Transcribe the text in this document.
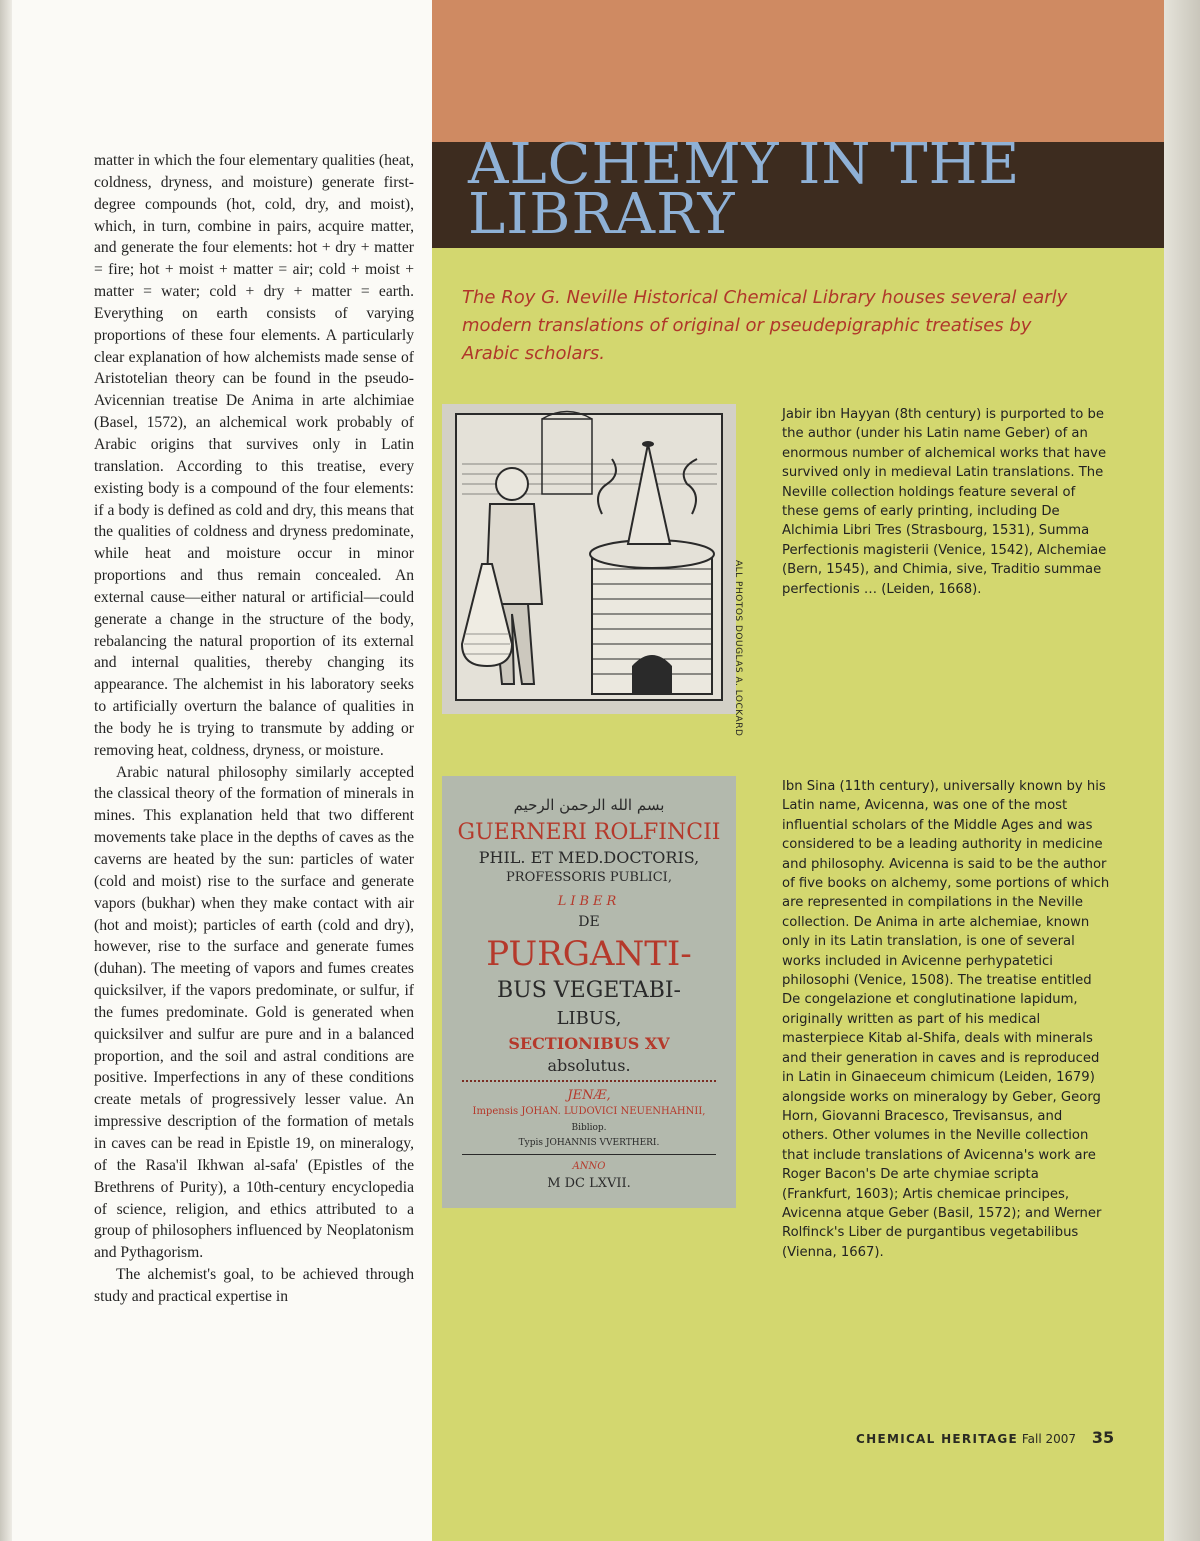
matter in which the four elementary qualities (heat, coldness, dryness, and moisture) generate first-degree compounds (hot, cold, dry, and moist), which, in turn, combine in pairs, acquire matter, and generate the four elements: hot + dry + matter = fire; hot + moist + matter = air; cold + moist + matter = water; cold + dry + matter = earth. Everything on earth consists of varying proportions of these four elements. A particularly clear explanation of how alchemists made sense of Aristotelian theory can be found in the pseudo-Avicennian treatise De Anima in arte alchimiae (Basel, 1572), an alchemical work probably of Arabic origins that survives only in Latin translation. According to this treatise, every existing body is a compound of the four elements: if a body is defined as cold and dry, this means that the qualities of coldness and dryness predominate, while heat and moisture occur in minor proportions and thus remain concealed. An external cause—either natural or artificial—could generate a change in the structure of the body, rebalancing the natural proportion of its external and internal qualities, thereby changing its appearance. The alchemist in his laboratory seeks to artificially overturn the balance of qualities in the body he is trying to transmute by adding or removing heat, coldness, dryness, or moisture.

Arabic natural philosophy similarly accepted the classical theory of the formation of minerals in mines. This explanation held that two different movements take place in the depths of caves as the caverns are heated by the sun: particles of water (cold and moist) rise to the surface and generate vapors (bukhar) when they make contact with air (hot and moist); particles of earth (cold and dry), however, rise to the surface and generate fumes (duhan). The meeting of vapors and fumes creates quicksilver, if the vapors predominate, or sulfur, if the fumes predominate. Gold is generated when quicksilver and sulfur are pure and in a balanced proportion, and the soil and astral conditions are positive. Imperfections in any of these conditions create metals of progressively lesser value. An impressive description of the formation of metals in caves can be read in Epistle 19, on mineralogy, of the Rasa'il Ikhwan al-safa' (Epistles of the Brethrens of Purity), a 10th-century encyclopedia of science, religion, and ethics attributed to a group of philosophers influenced by Neoplatonism and Pythagorism.

The alchemist's goal, to be achieved through study and practical expertise in

ALCHEMY IN THE
LIBRARY

The Roy G. Neville Historical Chemical Library houses several early modern translations of original or pseudepigraphic treatises by Arabic scholars.

ALL PHOTOS DOUGLAS A. LOCKARD

Jabir ibn Hayyan (8th century) is purported to be the author (under his Latin name Geber) of an enormous number of alchemical works that have survived only in medieval Latin translations. The Neville collection holdings feature several of these gems of early printing, including De Alchimia Libri Tres (Strasbourg, 1531), Summa Perfectionis magisterii (Venice, 1542), Alchemiae (Bern, 1545), and Chimia, sive, Traditio summae perfectionis … (Leiden, 1668).

بسم الله الرحمن الرحيم
GUERNERI ROLFINCII
PHIL. ET MED.DOCTORIS,
PROFESSORIS PUBLICI,
LIBER
DE
PURGANTI-
BUS VEGETABI-
LIBUS,
SECTIONIBUS XV
absolutus.
JENÆ,
Impensis JOHAN. LUDOVICI NEUENHAHNII,
Bibliop.
Typis JOHANNIS VVERTHERI.
ANNO
M DC LXVII.

Ibn Sina (11th century), universally known by his Latin name, Avicenna, was one of the most influential scholars of the Middle Ages and was considered to be a leading authority in medicine and philosophy. Avicenna is said to be the author of five books on alchemy, some portions of which are represented in compilations in the Neville collection. De Anima in arte alchemiae, known only in its Latin translation, is one of several works included in Avicenne perhypatetici philosophi (Venice, 1508). The treatise entitled De congelazione et conglutinatione lapidum, originally written as part of his medical masterpiece Kitab al-Shifa, deals with minerals and their generation in caves and is reproduced in Latin in Ginaeceum chimicum (Leiden, 1679) alongside works on mineralogy by Geber, Georg Horn, Giovanni Bracesco, Trevisansus, and others. Other volumes in the Neville collection that include translations of Avicenna's work are Roger Bacon's De arte chymiae scripta (Frankfurt, 1603); Artis chemicae principes, Avicenna atque Geber (Basil, 1572); and Werner Rolfinck's Liber de purgantibus vegetabilibus (Vienna, 1667).

CHEMICAL HERITAGE Fall 2007 35
